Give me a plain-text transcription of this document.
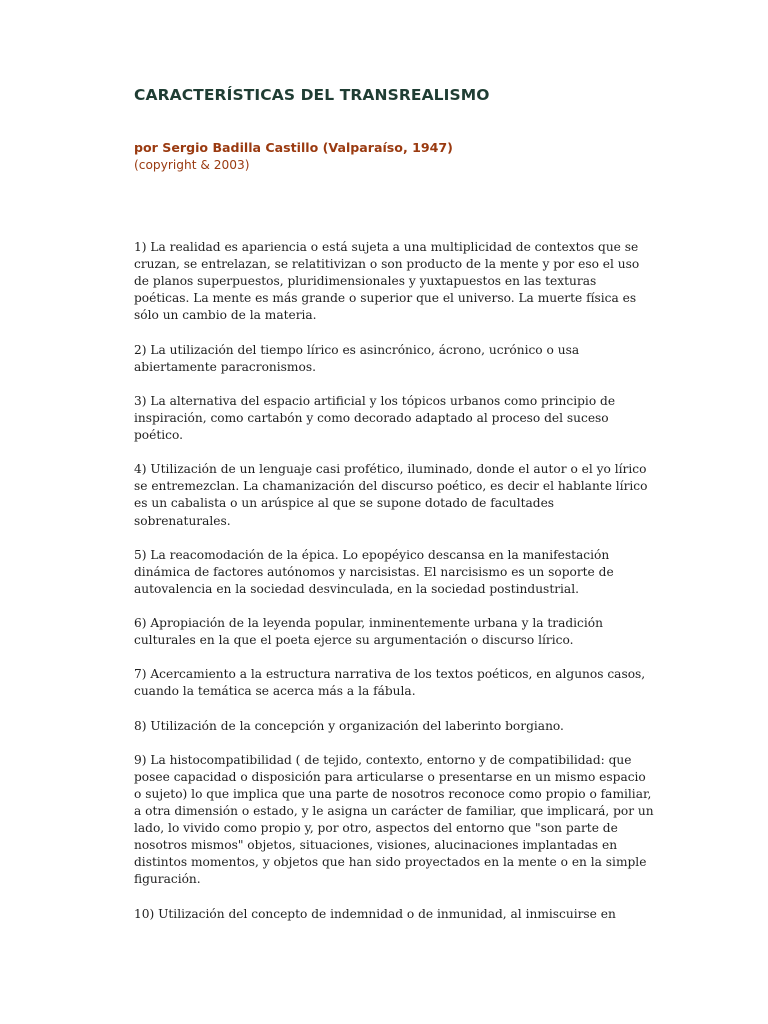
CARACTERÍSTICAS DEL TRANSREALISMO
por Sergio Badilla Castillo (Valparaíso, 1947)
(copyright & 2003)

1) La realidad es apariencia o está sujeta a una multiplicidad de contextos que se cruzan, se entrelazan, se relatitivizan o son producto de la mente y por eso el uso de planos superpuestos, pluridimensionales y yuxtapuestos en las texturas poéticas. La mente es más grande o superior que el universo. La muerte física es sólo un cambio de la materia.

2) La utilización del tiempo lírico es asincrónico, ácrono, ucrónico o usa abiertamente paracronismos.

3) La alternativa del espacio artificial y los tópicos urbanos como principio de inspiración, como cartabón y como decorado adaptado al proceso del suceso poético.

4) Utilización de un lenguaje casi profético, iluminado, donde el autor o el yo lírico se entremezclan. La chamanización del discurso poético, es decir el hablante lírico es un cabalista o un arúspice al que se supone dotado de facultades sobrenaturales.

5) La reacomodación de la épica. Lo epopéyico descansa en la manifestación dinámica de factores autónomos y narcisistas. El narcisismo es un soporte de autovalencia en la sociedad desvinculada, en la sociedad postindustrial.

6) Apropiación de la leyenda popular, inminentemente urbana y la tradición culturales en la que el poeta ejerce su argumentación o discurso lírico.

7) Acercamiento a la estructura narrativa de los textos poéticos, en algunos casos, cuando la temática se acerca más a la fábula.

8) Utilización de la concepción y organización del laberinto borgiano.

9) La histocompatibilidad ( de tejido, contexto, entorno y de compatibilidad: que posee capacidad o disposición para articularse o presentarse en un mismo espacio o sujeto) lo que implica que una parte de nosotros reconoce como propio o familiar, a otra dimensión o estado, y le asigna un carácter de familiar, que implicará, por un lado, lo vivido como propio y, por otro, aspectos del entorno que "son parte de nosotros mismos" objetos, situaciones, visiones, alucinaciones implantadas en distintos momentos, y objetos que han sido proyectados en la mente o en la simple figuración.

10) Utilización del concepto de indemnidad o de inmunidad, al inmiscuirse en
